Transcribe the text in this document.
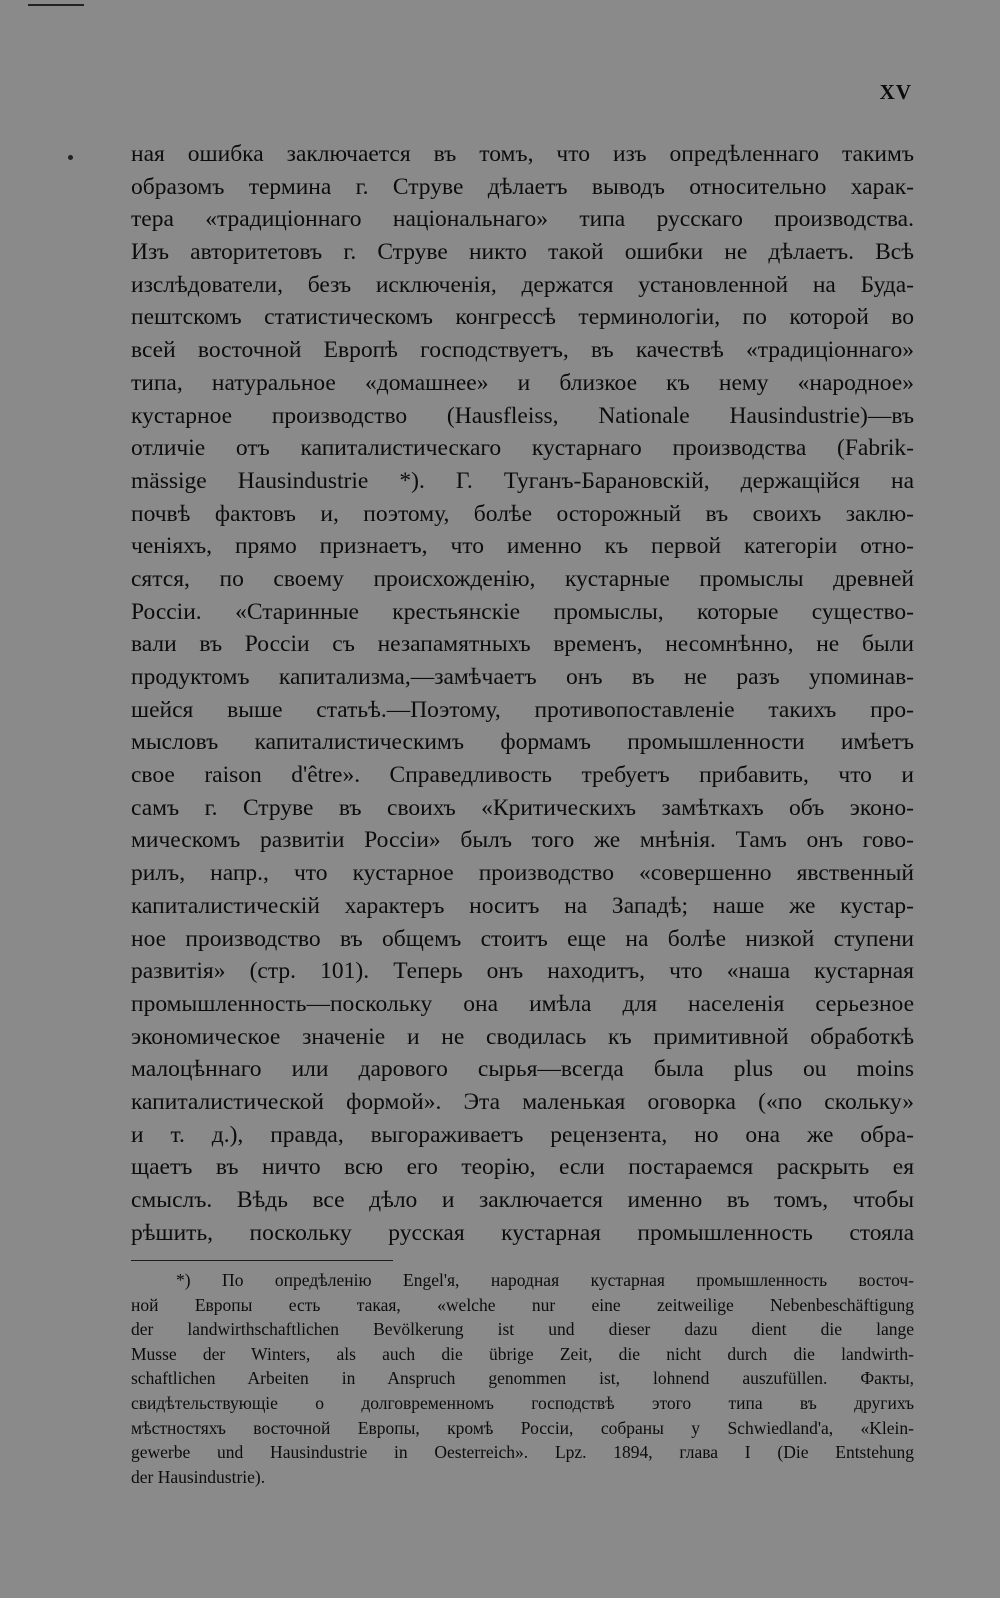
XV
ная ошибка заключается въ томъ, что изъ опредѣленнаго такимъ
образомъ термина г. Струве дѣлаетъ выводъ относительно харак-
тера «традиціоннаго національнаго» типа русскаго производства.
Изъ авторитетовъ г. Струве никто такой ошибки не дѣлаетъ. Всѣ
изслѣдователи, безъ исключенія, держатся установленной на Буда-
пештскомъ статистическомъ конгрессѣ терминологіи, по которой во
всей восточной Европѣ господствуетъ, въ качествѣ «традиціоннаго»
типа, натуральное «домашнее» и близкое къ нему «народное»
кустарное производство (Hausfleiss, Nationale Hausindustrie)—въ
отличіе отъ капиталистическаго кустарнаго производства (Fabrik-
mässige Hausindustrie *). Г. Туганъ-Барановскій, держащійся на
почвѣ фактовъ и, поэтому, болѣе осторожный въ своихъ заклю-
ченіяхъ, прямо признаетъ, что именно къ первой категоріи отно-
сятся, по своему происхожденію, кустарные промыслы древней
Россіи. «Старинные крестьянскіе промыслы, которые существо-
вали въ Россіи съ незапамятныхъ временъ, несомнѣнно, не были
продуктомъ капитализма,—замѣчаетъ онъ въ не разъ упоминав-
шейся выше статьѣ.—Поэтому, противопоставленіе такихъ про-
мысловъ капиталистическимъ формамъ промышленности имѣетъ
свое raison d'être». Справедливость требуетъ прибавить, что и
самъ г. Струве въ своихъ «Критическихъ замѣткахъ объ эконо-
мическомъ развитіи Россіи» былъ того же мнѣнія. Тамъ онъ гово-
рилъ, напр., что кустарное производство «совершенно явственный
капиталистическій характеръ носитъ на Западѣ; наше же кустар-
ное производство въ общемъ стоитъ еще на болѣе низкой ступени
развитія» (стр. 101). Теперь онъ находитъ, что «наша кустарная
промышленность—поскольку она имѣла для населенія серьезное
экономическое значеніе и не сводилась къ примитивной обработкѣ
малоцѣннаго или дарового сырья—всегда была plus ou moins
капиталистической формой». Эта маленькая оговорка («по скольку»
и т. д.), правда, выгораживаетъ рецензента, но она же обра-
щаетъ въ ничто всю его теорію, если постараемся раскрыть ея
смыслъ. Вѣдь все дѣло и заключается именно въ томъ, чтобы
рѣшить, поскольку русская кустарная промышленность стояла
*) По опредѣленію Engel'я, народная кустарная промышленность восточ-
ной Европы есть такая, «welche nur eine zeitweilige Nebenbeschäftigung
der landwirthschaftlichen Bevölkerung ist und dieser dazu dient die lange
Musse der Winters, als auch die übrige Zeit, die nicht durch die landwirth-
schaftlichen Arbeiten in Anspruch genommen ist, lohnend auszufüllen. Факты,
свидѣтельствующіе о долговременномъ господствѣ этого типа въ другихъ
мѣстностяхъ восточной Европы, кромѣ Россіи, собраны у Schwiedland'a, «Klein-
gewerbe und Hausindustrie in Oesterreich». Lpz. 1894, глава I (Die Entstehung
der Hausindustrie).
